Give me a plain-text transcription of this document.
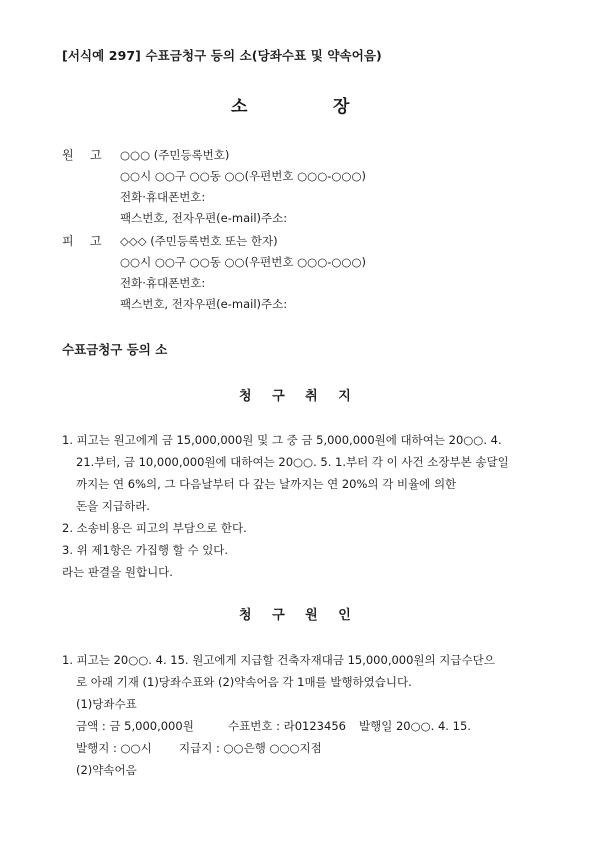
[서식예 297] 수표금청구 등의 소(당좌수표 및 약속어음)
소	장
원 고 ○○○ (주민등록번호)
○○시 ○○구 ○○동 ○○(우편번호 ○○○-○○○)
전화·휴대폰번호:
팩스번호, 전자우편(e-mail)주소:
피 고 ◇◇◇ (주민등록번호 또는 한자)
○○시 ○○구 ○○동 ○○(우편번호 ○○○-○○○)
전화·휴대폰번호:
팩스번호, 전자우편(e-mail)주소:
수표금청구 등의 소
청 구 취 지
1. 피고는 원고에게 금 15,000,000원 및 그 중 금 5,000,000원에 대하여는 20○○. 4.
21.부터, 금 10,000,000원에 대하여는 20○○. 5. 1.부터 각 이 사건 소장부본 송달일
까지는 연 6%의, 그 다음날부터 다 갚는 날까지는 연 20%의 각 비율에 의한
돈을 지급하라.
2. 소송비용은 피고의 부담으로 한다.
3. 위 제1항은 가집행 할 수 있다.
라는 판결을 원합니다.
청 구 원 인
1. 피고는 20○○. 4. 15. 원고에게 지급할 건축자재대금 15,000,000원의 지급수단으
로 아래 기재 (1)당좌수표와 (2)약속어음 각 1매를 발행하였습니다.
(1)당좌수표
금액 : 금 5,000,000원	수표번호 : 라0123456 발행일 20○○. 4. 15.
발행지 : ○○시 지급지 : ○○은행 ○○○지점
(2)약속어음
